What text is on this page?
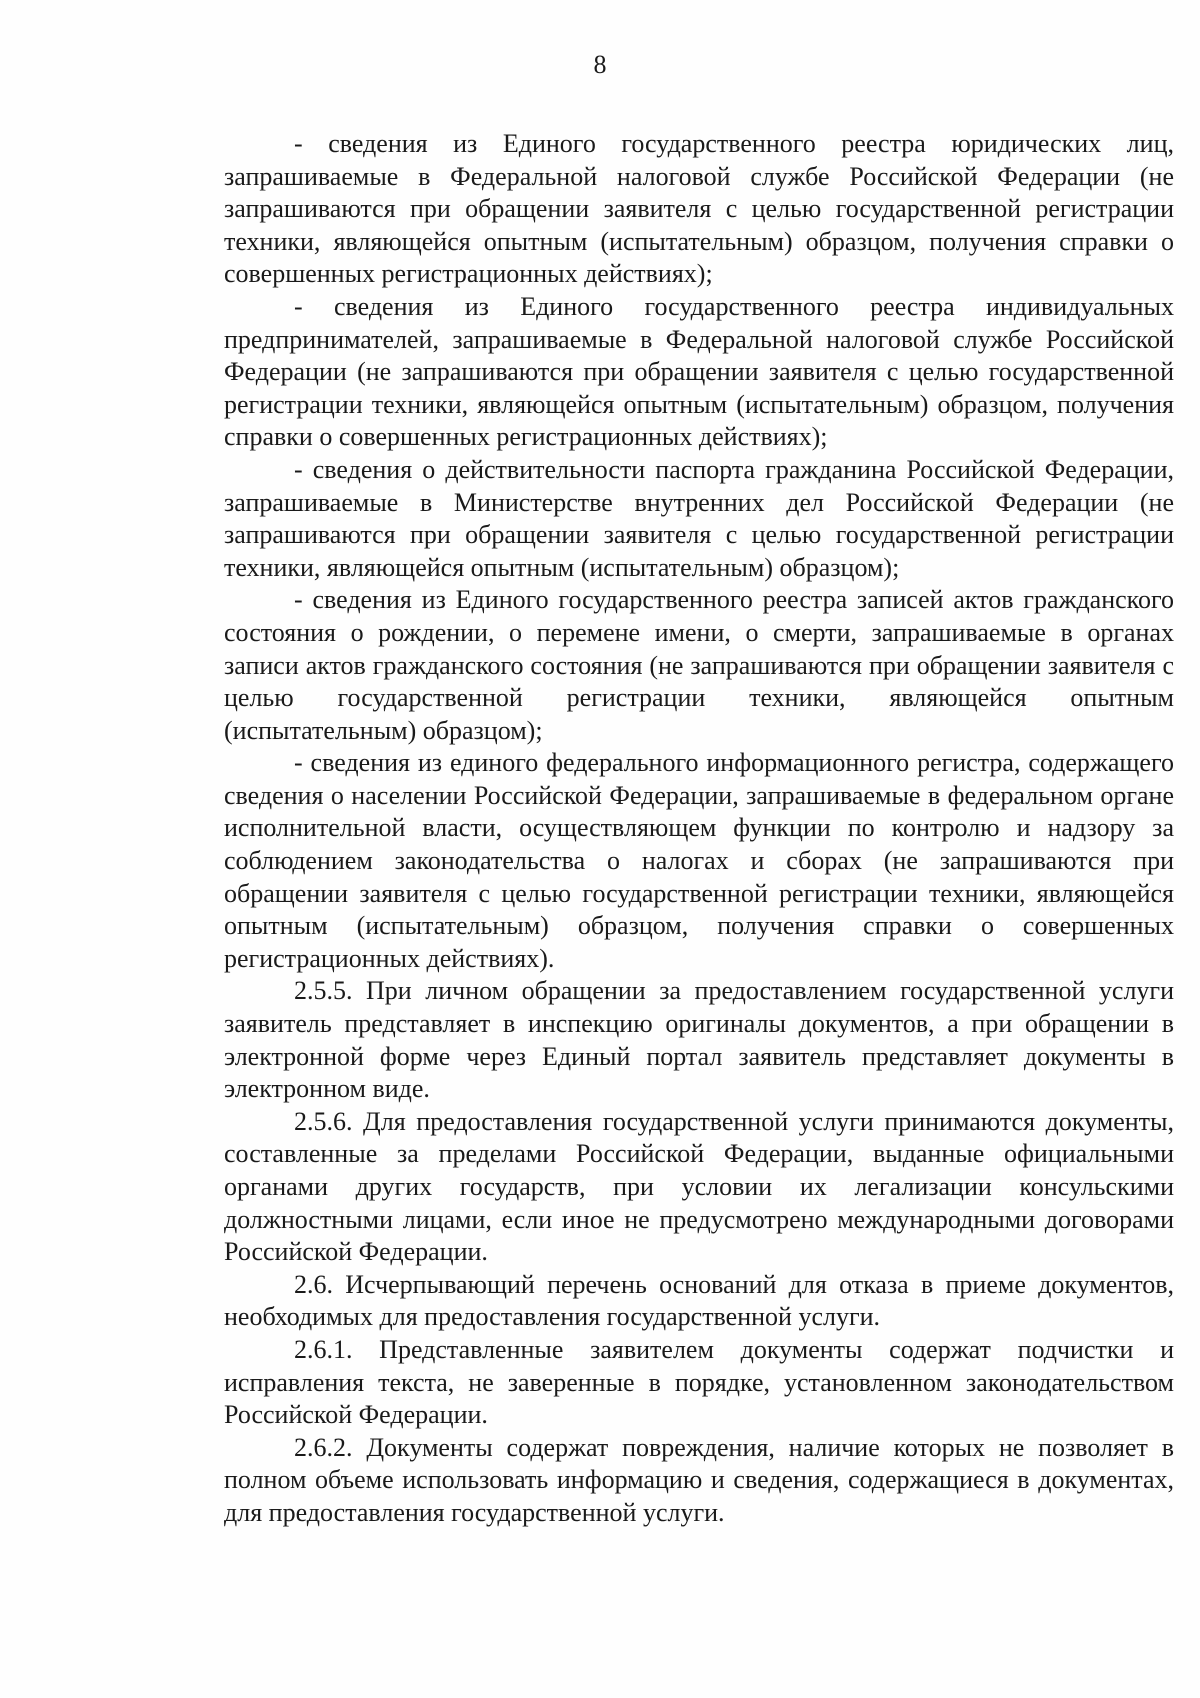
8

- сведения из Единого государственного реестра юридических лиц, запрашиваемые в Федеральной налоговой службе Российской Федерации (не запрашиваются при обращении заявителя с целью государственной регистрации техники, являющейся опытным (испытательным) образцом, получения справки о совершенных регистрационных действиях);

- сведения из Единого государственного реестра индивидуальных предпринимателей, запрашиваемые в Федеральной налоговой службе Российской Федерации (не запрашиваются при обращении заявителя с целью государственной регистрации техники, являющейся опытным (испытательным) образцом, получения справки о совершенных регистрационных действиях);

- сведения о действительности паспорта гражданина Российской Федерации, запрашиваемые в Министерстве внутренних дел Российской Федерации (не запрашиваются при обращении заявителя с целью государственной регистрации техники, являющейся опытным (испытательным) образцом);

- сведения из Единого государственного реестра записей актов гражданского состояния о рождении, о перемене имени, о смерти, запрашиваемые в органах записи актов гражданского состояния (не запрашиваются при обращении заявителя с целью государственной регистрации техники, являющейся опытным (испытательным) образцом);

- сведения из единого федерального информационного регистра, содержащего сведения о населении Российской Федерации, запрашиваемые в федеральном органе исполнительной власти, осуществляющем функции по контролю и надзору за соблюдением законодательства о налогах и сборах (не запрашиваются при обращении заявителя с целью государственной регистрации техники, являющейся опытным (испытательным) образцом, получения справки о совершенных регистрационных действиях).

2.5.5. При личном обращении за предоставлением государственной услуги заявитель представляет в инспекцию оригиналы документов, а при обращении в электронной форме через Единый портал заявитель представляет документы в электронном виде.

2.5.6. Для предоставления государственной услуги принимаются документы, составленные за пределами Российской Федерации, выданные официальными органами других государств, при условии их легализации консульскими должностными лицами, если иное не предусмотрено международными договорами Российской Федерации.

2.6. Исчерпывающий перечень оснований для отказа в приеме документов, необходимых для предоставления государственной услуги.

2.6.1. Представленные заявителем документы содержат подчистки и исправления текста, не заверенные в порядке, установленном законодательством Российской Федерации.

2.6.2. Документы содержат повреждения, наличие которых не позволяет в полном объеме использовать информацию и сведения, содержащиеся в документах, для предоставления государственной услуги.
